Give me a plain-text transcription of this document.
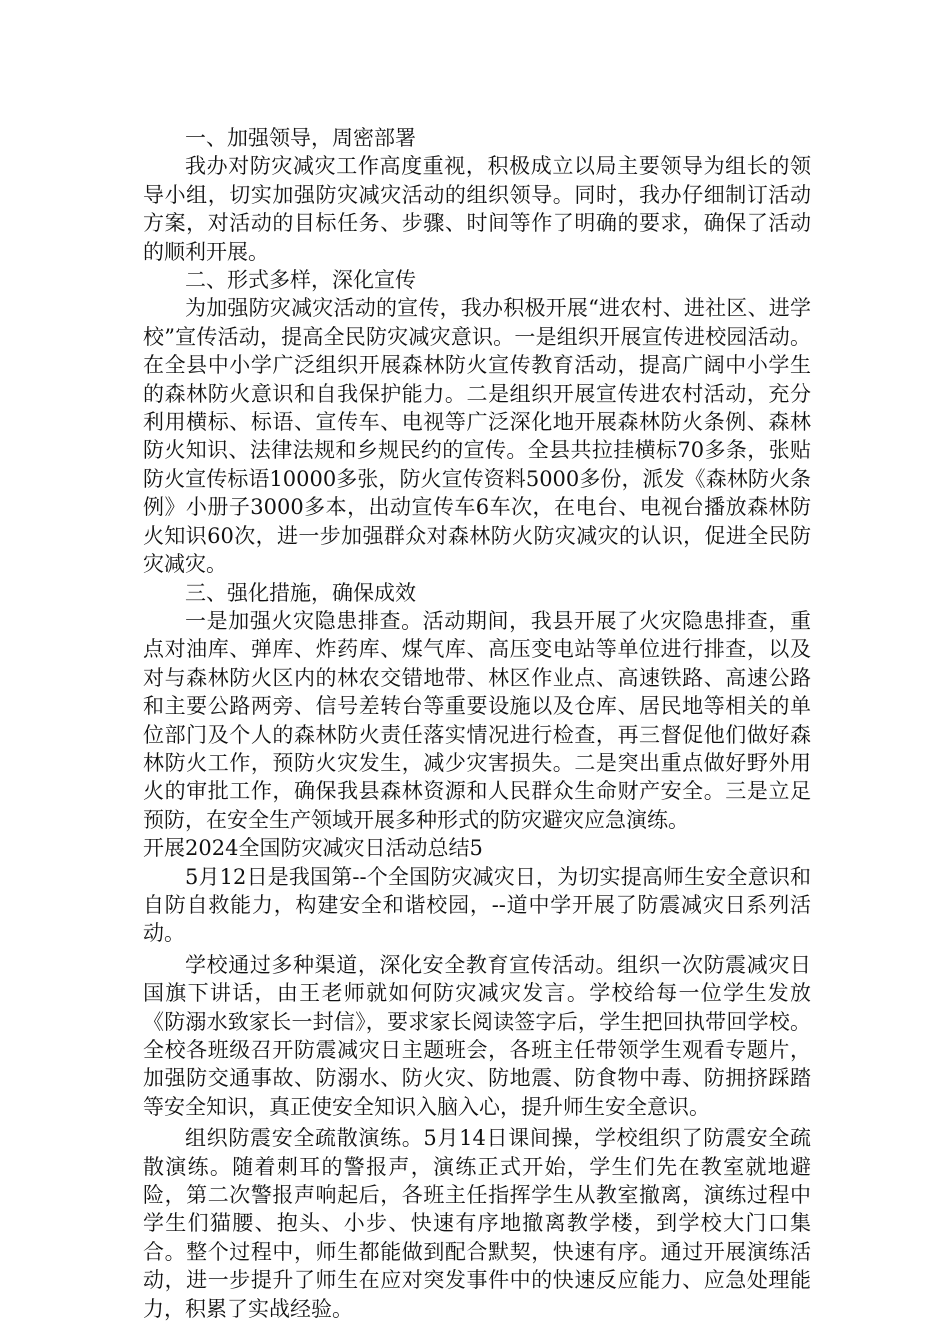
一、加强领导，周密部署

我办对防灾减灾工作高度重视，积极成立以局主要领导为组长的领导小组，切实加强防灾减灾活动的组织领导。同时，我办仔细制订活动方案，对活动的目标任务、步骤、时间等作了明确的要求，确保了活动的顺利开展。

二、形式多样，深化宣传

为加强防灾减灾活动的宣传，我办积极开展“进农村、进社区、进学校”宣传活动，提高全民防灾减灾意识。一是组织开展宣传进校园活动。在全县中小学广泛组织开展森林防火宣传教育活动，提高广阔中小学生的森林防火意识和自我保护能力。二是组织开展宣传进农村活动，充分利用横标、标语、宣传车、电视等广泛深化地开展森林防火条例、森林防火知识、法律法规和乡规民约的宣传。全县共拉挂横标70多条，张贴防火宣传标语10000多张，防火宣传资料5000多份，派发《森林防火条例》小册子3000多本，出动宣传车6车次，在电台、电视台播放森林防火知识60次，进一步加强群众对森林防火防灾减灾的认识，促进全民防灾减灾。

三、强化措施，确保成效

一是加强火灾隐患排查。活动期间，我县开展了火灾隐患排查，重点对油库、弹库、炸药库、煤气库、高压变电站等单位进行排查，以及对与森林防火区内的林农交错地带、林区作业点、高速铁路、高速公路和主要公路两旁、信号差转台等重要设施以及仓库、居民地等相关的单位部门及个人的森林防火责任落实情况进行检查，再三督促他们做好森林防火工作，预防火灾发生，减少灾害损失。二是突出重点做好野外用火的审批工作，确保我县森林资源和人民群众生命财产安全。三是立足预防，在安全生产领域开展多种形式的防灾避灾应急演练。

开展2024全国防灾减灾日活动总结5

5月12日是我国第--个全国防灾减灾日，为切实提高师生安全意识和自防自救能力，构建安全和谐校园，--道中学开展了防震减灾日系列活动。

学校通过多种渠道，深化安全教育宣传活动。组织一次防震减灾日国旗下讲话，由王老师就如何防灾减灾发言。学校给每一位学生发放《防溺水致家长一封信》，要求家长阅读签字后，学生把回执带回学校。全校各班级召开防震减灾日主题班会，各班主任带领学生观看专题片，加强防交通事故、防溺水、防火灾、防地震、防食物中毒、防拥挤踩踏等安全知识，真正使安全知识入脑入心，提升师生安全意识。

组织防震安全疏散演练。5月14日课间操，学校组织了防震安全疏散演练。随着刺耳的警报声，演练正式开始，学生们先在教室就地避险，第二次警报声响起后，各班主任指挥学生从教室撤离，演练过程中学生们猫腰、抱头、小步、快速有序地撤离教学楼，到学校大门口集合。整个过程中，师生都能做到配合默契，快速有序。通过开展演练活动，进一步提升了师生在应对突发事件中的快速反应能力、应急处理能力，积累了实战经验。
